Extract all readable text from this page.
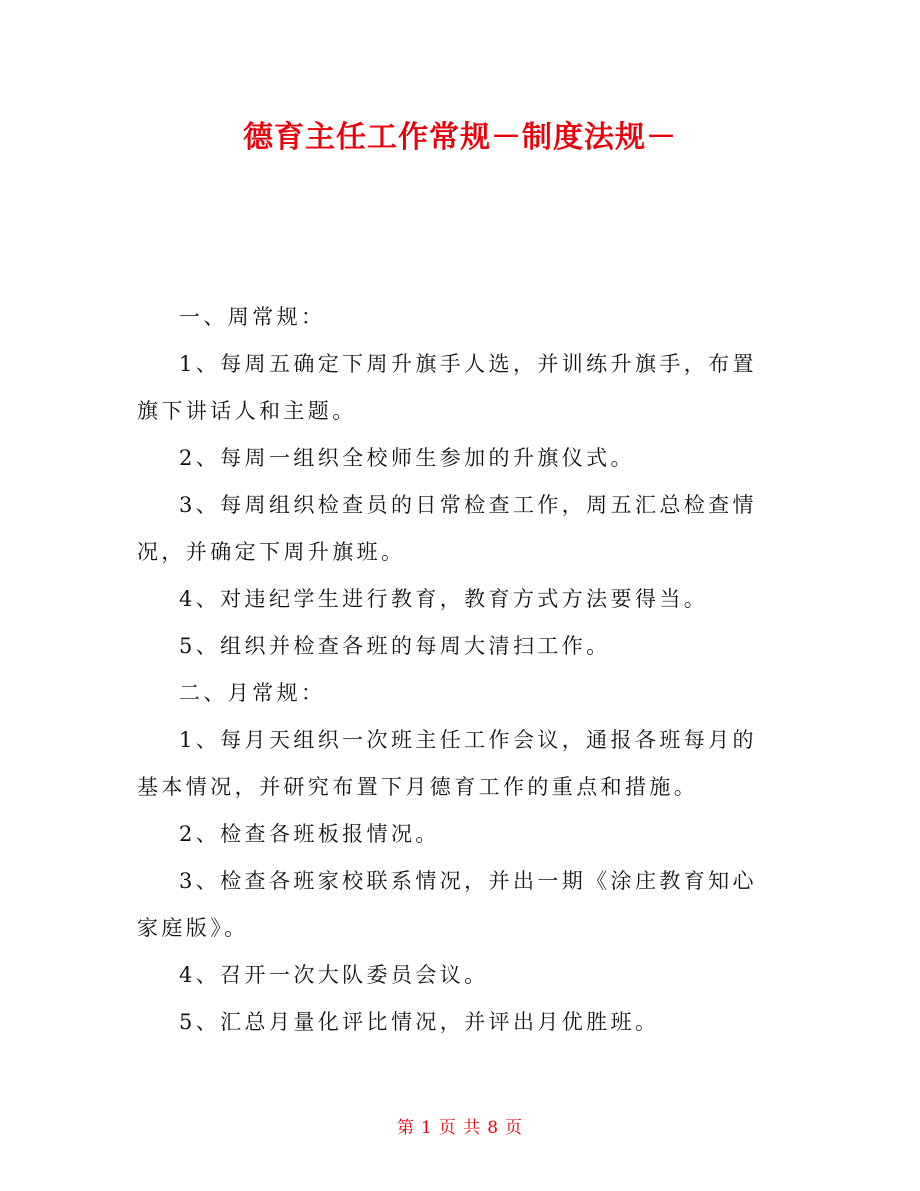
德育主任工作常规－制度法规－

一、周常规：

1、每周五确定下周升旗手人选，并训练升旗手，布置旗下讲话人和主题。

2、每周一组织全校师生参加的升旗仪式。

3、每周组织检查员的日常检查工作，周五汇总检查情况，并确定下周升旗班。

4、对违纪学生进行教育，教育方式方法要得当。

5、组织并检查各班的每周大清扫工作。

二、月常规：

1、每月天组织一次班主任工作会议，通报各班每月的基本情况，并研究布置下月德育工作的重点和措施。

2、检查各班板报情况。

3、检查各班家校联系情况，并出一期《涂庄教育知心家庭版》。

4、召开一次大队委员会议。

5、汇总月量化评比情况，并评出月优胜班。

第 1 页 共 8 页
